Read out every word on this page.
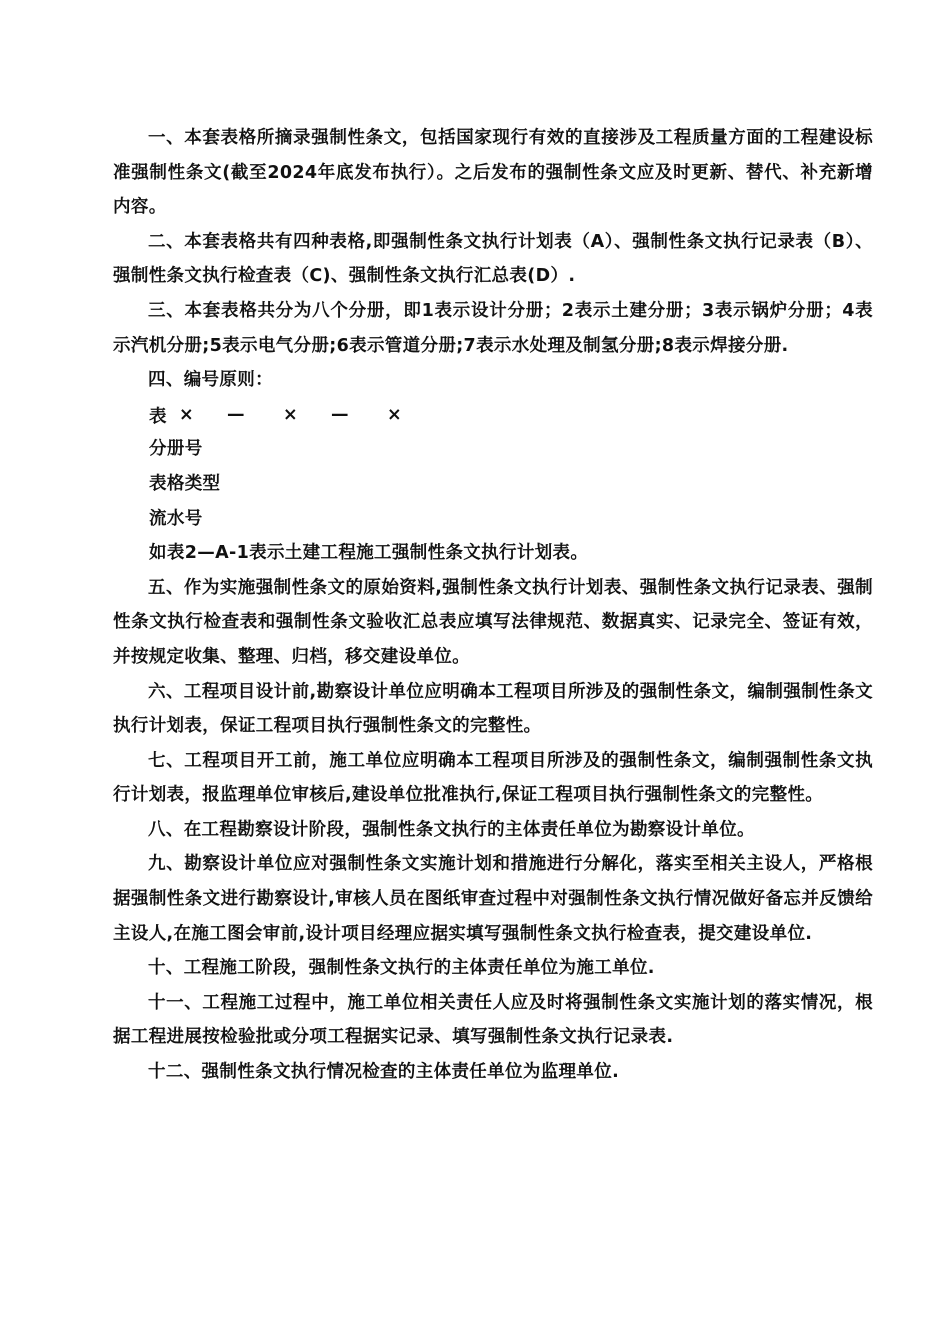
一、本套表格所摘录强制性条文，包括国家现行有效的直接涉及工程质量方面的工程建设标准强制性条文(截至2024年底发布执行）。之后发布的强制性条文应及时更新、替代、补充新增内容。

二、本套表格共有四种表格,即强制性条文执行计划表（A）、强制性条文执行记录表（B）、强制性条文执行检查表（C)、强制性条文执行汇总表(D）.

三、本套表格共分为八个分册，即1表示设计分册；2表示土建分册；3表示锅炉分册；4表示汽机分册;5表示电气分册;6表示管道分册;7表示水处理及制氢分册;8表示焊接分册.

四、编号原则：

表 ×	—	×	—	×

分册号

表格类型

流水号

如表2—A-1表示土建工程施工强制性条文执行计划表。

五、作为实施强制性条文的原始资料,强制性条文执行计划表、强制性条文执行记录表、强制性条文执行检查表和强制性条文验收汇总表应填写法律规范、数据真实、记录完全、签证有效，并按规定收集、整理、归档，移交建设单位。

六、工程项目设计前,勘察设计单位应明确本工程项目所涉及的强制性条文，编制强制性条文执行计划表，保证工程项目执行强制性条文的完整性。

七、工程项目开工前，施工单位应明确本工程项目所涉及的强制性条文，编制强制性条文执行计划表，报监理单位审核后,建设单位批准执行,保证工程项目执行强制性条文的完整性。

八、在工程勘察设计阶段，强制性条文执行的主体责任单位为勘察设计单位。

九、勘察设计单位应对强制性条文实施计划和措施进行分解化，落实至相关主设人，严格根据强制性条文进行勘察设计,审核人员在图纸审查过程中对强制性条文执行情况做好备忘并反馈给主设人,在施工图会审前,设计项目经理应据实填写强制性条文执行检查表，提交建设单位.

十、工程施工阶段，强制性条文执行的主体责任单位为施工单位.

十一、工程施工过程中，施工单位相关责任人应及时将强制性条文实施计划的落实情况，根据工程进展按检验批或分项工程据实记录、填写强制性条文执行记录表.

十二、强制性条文执行情况检查的主体责任单位为监理单位.
